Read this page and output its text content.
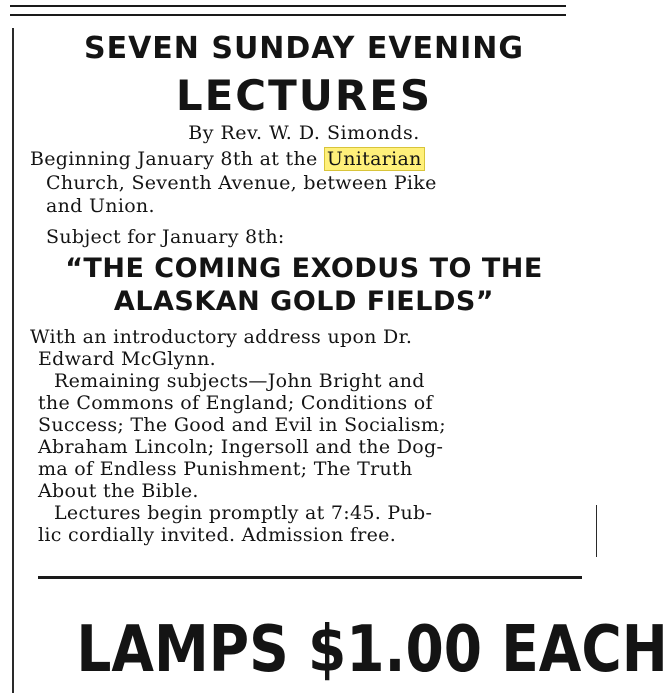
SEVEN SUNDAY EVENING
LECTURES
By Rev. W. D. Simonds.
Beginning January 8th at the Unitarian
Church, Seventh Avenue, between Pike
and Union.
Subject for January 8th:
“THE COMING EXODUS TO THE
ALASKAN GOLD FIELDS”
With an introductory address upon Dr.
Edward McGlynn.
Remaining subjects—John Bright and
the Commons of England; Conditions of
Success; The Good and Evil in Socialism;
Abraham Lincoln; Ingersoll and the Dog-
ma of Endless Punishment; The Truth
About the Bible.
Lectures begin promptly at 7:45. Pub-
lic cordially invited. Admission free.
LAMPS $1.00 EACH
